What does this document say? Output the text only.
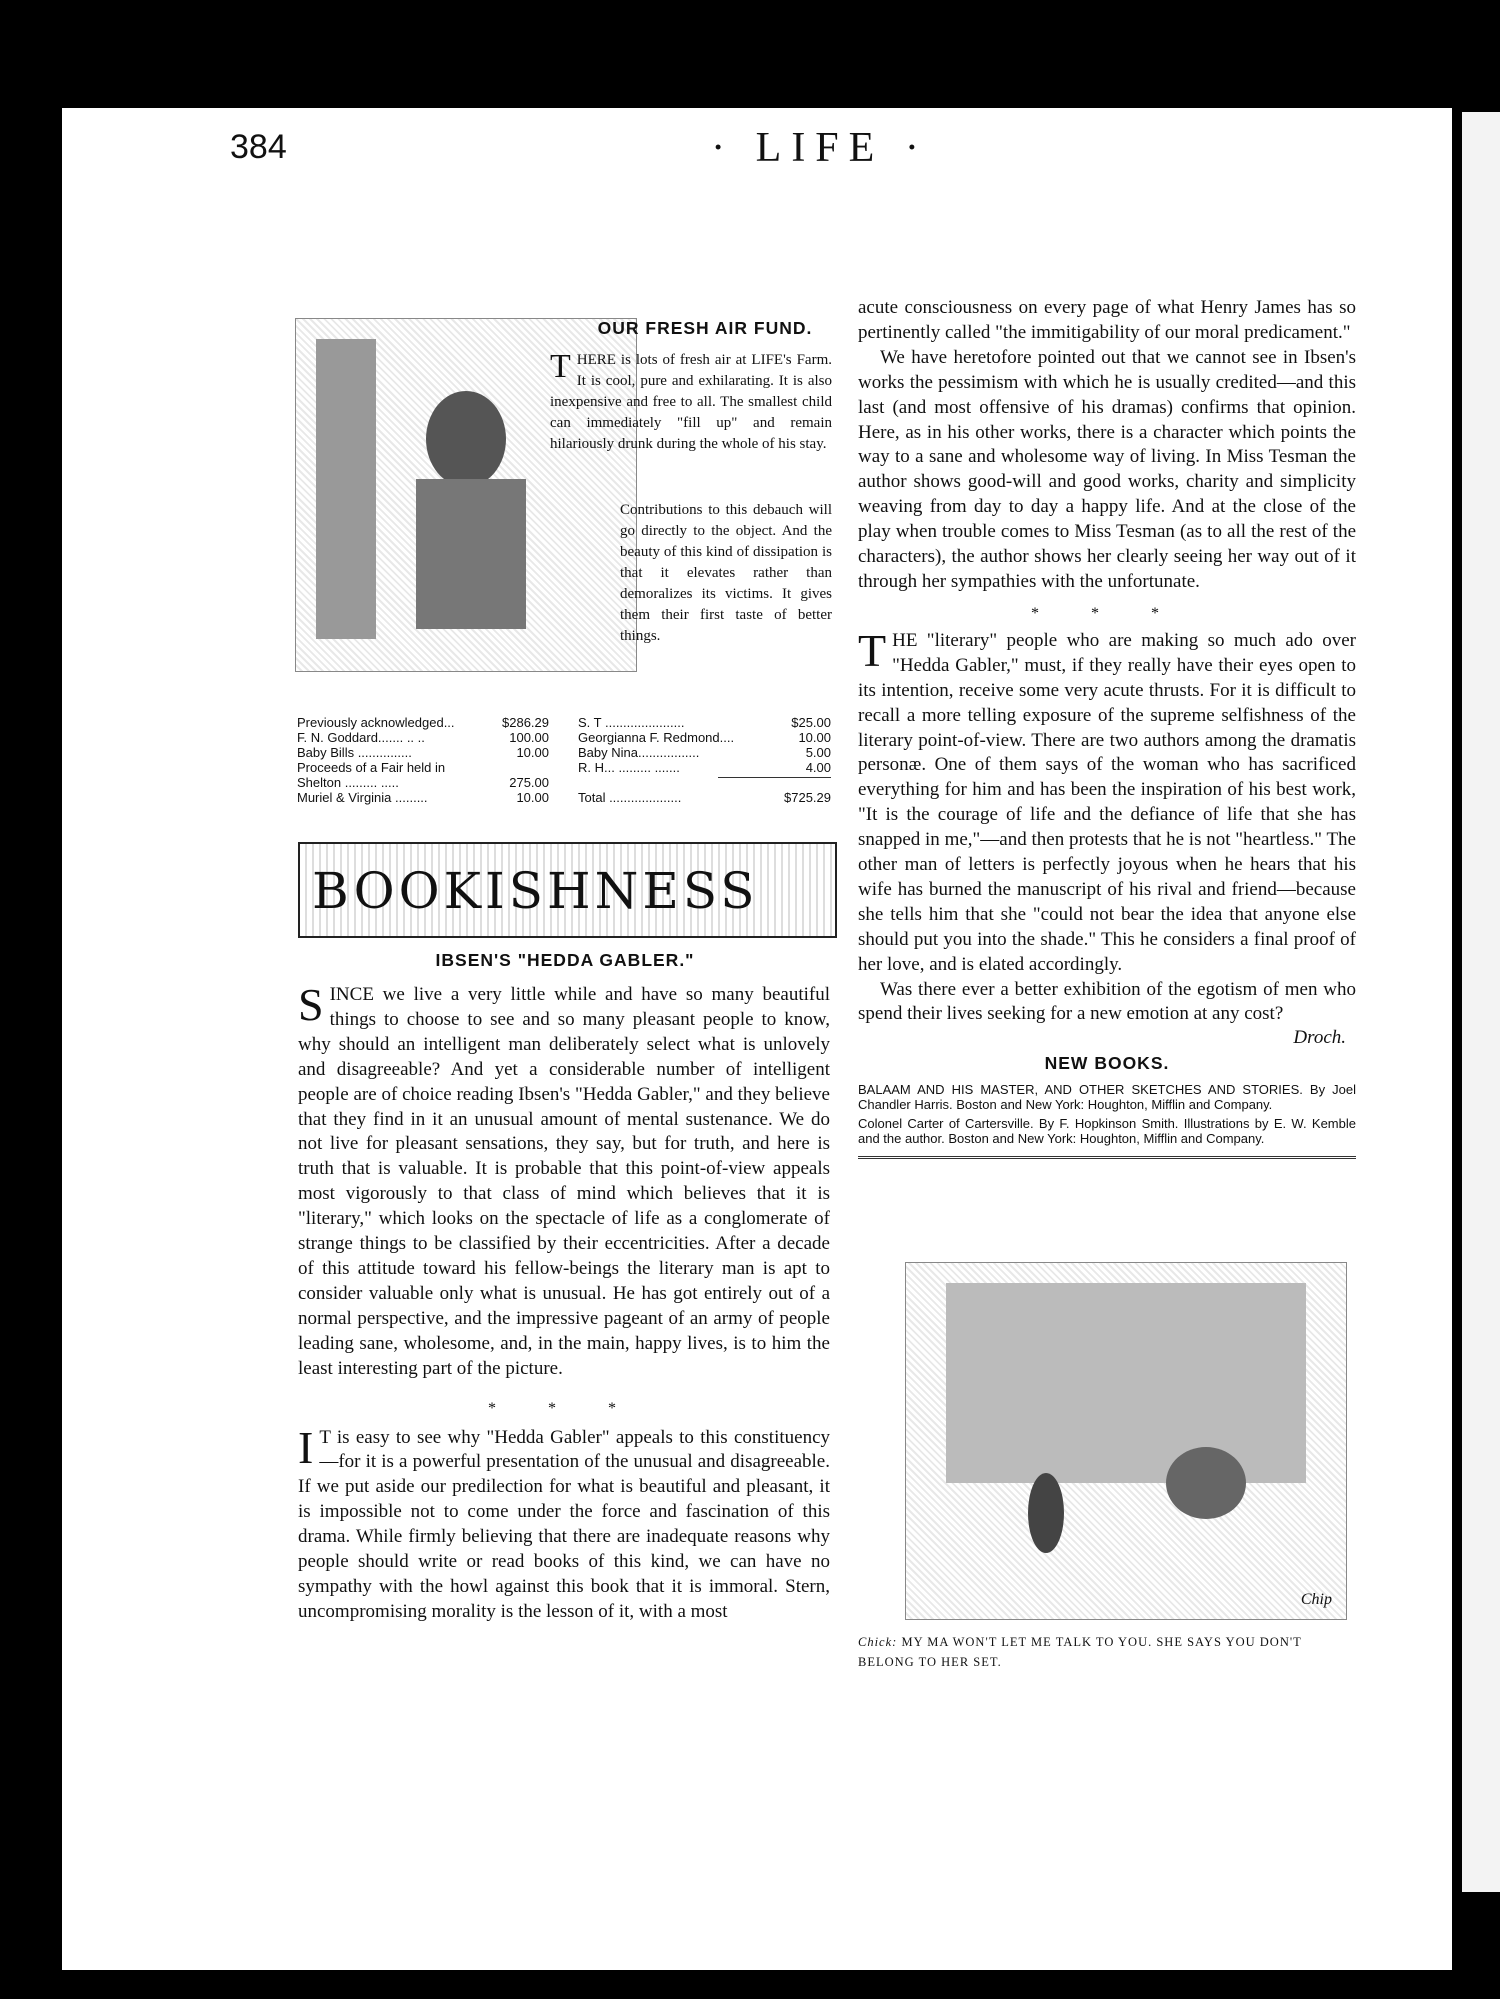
384	· LIFE ·
OUR FRESH AIR FUND.

THERE is lots of fresh air at LIFE's Farm. It is cool, pure and exhilarating. It is also inexpensive and free to all. The smallest child can immediately "fill up" and remain hilariously drunk during the whole of his stay.

Contributions to this debauch will go directly to the object. And the beauty of this kind of dissipation is that it elevates rather than demoralizes its victims. It gives them their first taste of better things.

Previously acknowledged...	$286.29
F. N. Goddard....... .. ..	100.00
Baby Bills ...............	10.00
Proceeds of a Fair held in
Shelton ......... .....	275.00
Muriel & Virginia .........	10.00
S. T ......................	$25.00
Georgianna F. Redmond....	10.00
Baby Nina.................	5.00
R. H... ......... .......	4.00
Total ....................	$725.29
BOOKISHNESS
IBSEN'S "HEDDA GABLER."

SINCE we live a very little while and have so many beautiful things to choose to see and so many pleasant people to know, why should an intelligent man deliberately select what is unlovely and disagreeable? And yet a considerable number of intelligent people are of choice reading Ibsen's "Hedda Gabler," and they believe that they find in it an unusual amount of mental sustenance. We do not live for pleasant sensations, they say, but for truth, and here is truth that is valuable. It is probable that this point-of-view appeals most vigorously to that class of mind which believes that it is "literary," which looks on the spectacle of life as a conglomerate of strange things to be classified by their eccentricities. After a decade of this attitude toward his fellow-beings the literary man is apt to consider valuable only what is unusual. He has got entirely out of a normal perspective, and the impressive pageant of an army of people leading sane, wholesome, and, in the main, happy lives, is to him the least interesting part of the picture.

* * *

I T is easy to see why "Hedda Gabler" appeals to this constituency—for it is a powerful presentation of the unusual and disagreeable. If we put aside our predilection for what is beautiful and pleasant, it is impossible not to come under the force and fascination of this drama. While firmly believing that there are inadequate reasons why people should write or read books of this kind, we can have no sympathy with the howl against this book that it is immoral. Stern, uncompromising morality is the lesson of it, with a most

acute consciousness on every page of what Henry James has so pertinently called "the immitigability of our moral predicament."

We have heretofore pointed out that we cannot see in Ibsen's works the pessimism with which he is usually credited—and this last (and most offensive of his dramas) confirms that opinion. Here, as in his other works, there is a character which points the way to a sane and wholesome way of living. In Miss Tesman the author shows good-will and good works, charity and simplicity weaving from day to day a happy life. And at the close of the play when trouble comes to Miss Tesman (as to all the rest of the characters), the author shows her clearly seeing her way out of it through her sympathies with the unfortunate.

* * *

THE "literary" people who are making so much ado over "Hedda Gabler," must, if they really have their eyes open to its intention, receive some very acute thrusts. For it is difficult to recall a more telling exposure of the supreme selfishness of the literary point-of-view. There are two authors among the dramatis personæ. One of them says of the woman who has sacrificed everything for him and has been the inspiration of his best work, "It is the courage of life and the defiance of life that she has snapped in me,"—and then protests that he is not "heartless." The other man of letters is perfectly joyous when he hears that his wife has burned the manuscript of his rival and friend—because she tells him that she "could not bear the idea that anyone else should put you into the shade." This he considers a final proof of her love, and is elated accordingly.

Was there ever a better exhibition of the egotism of men who spend their lives seeking for a new emotion at any cost?

Droch.
NEW BOOKS.
BALAAM AND HIS MASTER, AND OTHER SKETCHES AND STORIES. By Joel Chandler Harris. Boston and New York: Houghton, Mifflin and Company.
Colonel Carter of Cartersville. By F. Hopkinson Smith. Illustrations by E. W. Kemble and the author. Boston and New York: Houghton, Mifflin and Company.
Chip
Chick: MY MA WON'T LET ME TALK TO YOU. SHE SAYS YOU DON'T BELONG TO HER SET.
comicbooks.com
